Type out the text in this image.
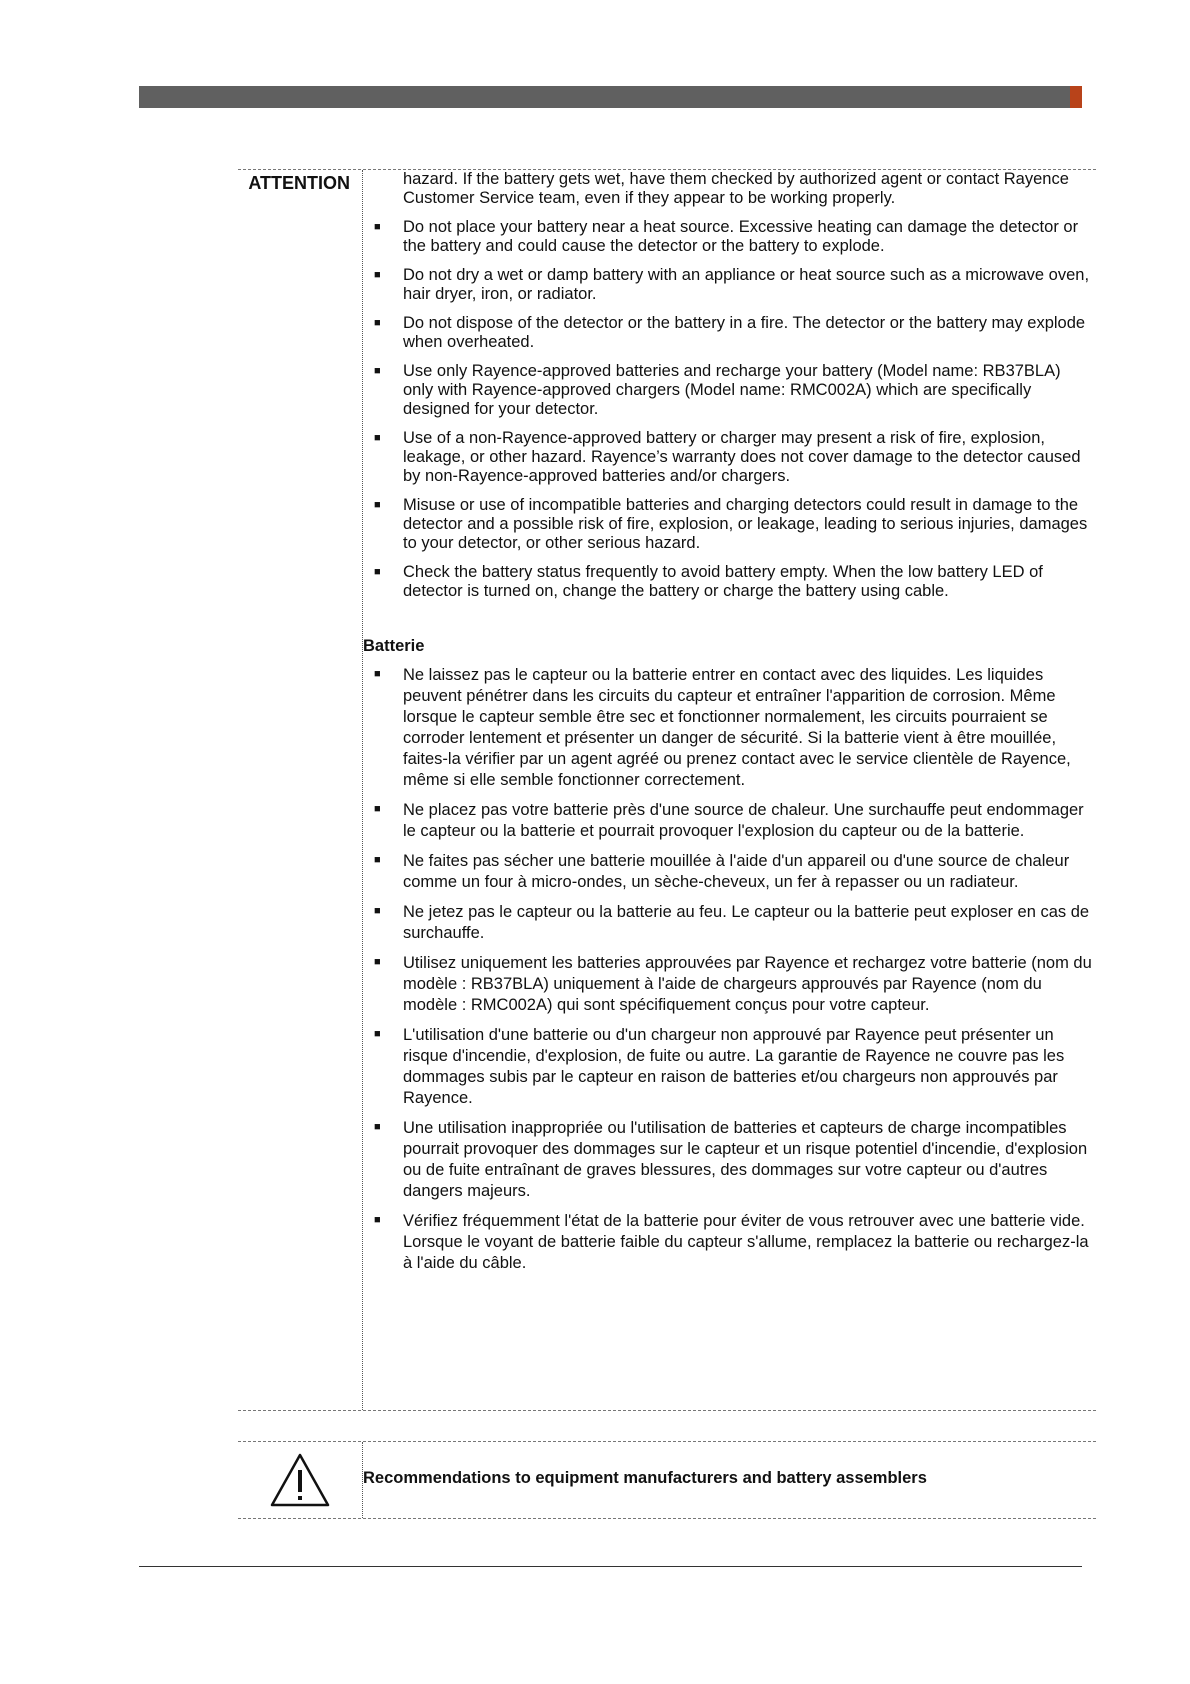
ATTENTION	hazard. If the battery gets wet, have them checked by authorized agent or contact Rayence Customer Service team, even if they appear to be working properly.

■ Do not place your battery near a heat source. Excessive heating can damage the detector or the battery and could cause the detector or the battery to explode.
■ Do not dry a wet or damp battery with an appliance or heat source such as a microwave oven, hair dryer, iron, or radiator.
■ Do not dispose of the detector or the battery in a fire. The detector or the battery may explode when overheated.
■ Use only Rayence-approved batteries and recharge your battery (Model name: RB37BLA) only with Rayence-approved chargers (Model name: RMC002A) which are specifically designed for your detector.
■ Use of a non-Rayence-approved battery or charger may present a risk of fire, explosion, leakage, or other hazard. Rayence’s warranty does not cover damage to the detector caused by non-Rayence-approved batteries and/or chargers.
■ Misuse or use of incompatible batteries and charging detectors could result in damage to the detector and a possible risk of fire, explosion, or leakage, leading to serious injuries, damages to your detector, or other serious hazard.
■ Check the battery status frequently to avoid battery empty. When the low battery LED of detector is turned on, change the battery or charge the battery using cable.

Batterie

■ Ne laissez pas le capteur ou la batterie entrer en contact avec des liquides. Les liquides peuvent pénétrer dans les circuits du capteur et entraîner l'apparition de corrosion. Même lorsque le capteur semble être sec et fonctionner normalement, les circuits pourraient se corroder lentement et présenter un danger de sécurité. Si la batterie vient à être mouillée, faites-la vérifier par un agent agréé ou prenez contact avec le service clientèle de Rayence, même si elle semble fonctionner correctement.
■ Ne placez pas votre batterie près d'une source de chaleur. Une surchauffe peut endommager le capteur ou la batterie et pourrait provoquer l'explosion du capteur ou de la batterie.
■ Ne faites pas sécher une batterie mouillée à l'aide d'un appareil ou d'une source de chaleur comme un four à micro-ondes, un sèche-cheveux, un fer à repasser ou un radiateur.
■ Ne jetez pas le capteur ou la batterie au feu. Le capteur ou la batterie peut exploser en cas de surchauffe.
■ Utilisez uniquement les batteries approuvées par Rayence et rechargez votre batterie (nom du modèle : RB37BLA) uniquement à l'aide de chargeurs approuvés par Rayence (nom du modèle : RMC002A) qui sont spécifiquement conçus pour votre capteur.
■ L'utilisation d'une batterie ou d'un chargeur non approuvé par Rayence peut présenter un risque d'incendie, d'explosion, de fuite ou autre. La garantie de Rayence ne couvre pas les dommages subis par le capteur en raison de batteries et/ou chargeurs non approuvés par Rayence.
■ Une utilisation inappropriée ou l'utilisation de batteries et capteurs de charge incompatibles pourrait provoquer des dommages sur le capteur et un risque potentiel d'incendie, d'explosion ou de fuite entraînant de graves blessures, des dommages sur votre capteur ou d'autres dangers majeurs.
■ Vérifiez fréquemment l'état de la batterie pour éviter de vous retrouver avec une batterie vide. Lorsque le voyant de batterie faible du capteur s'allume, remplacez la batterie ou rechargez-la à l'aide du câble.
Recommendations to equipment manufacturers and battery assemblers
